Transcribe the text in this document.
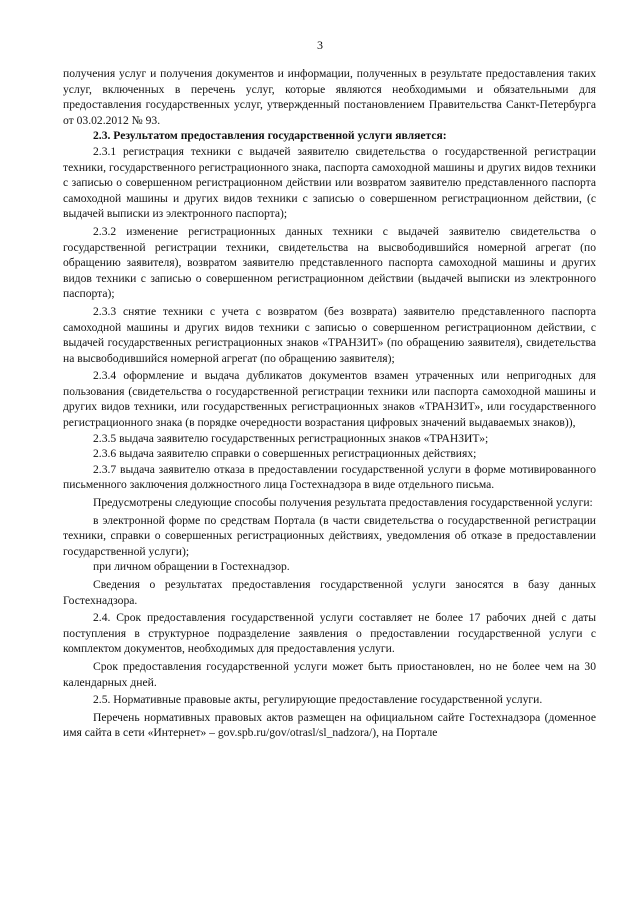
3

получения услуг и получения документов и информации, полученных в результате предоставления таких услуг, включенных в перечень услуг, которые являются необходимыми и обязательными для предоставления государственных услуг, утвержденный постановлением Правительства Санкт-Петербурга от 03.02.2012 № 93.

2.3. Результатом предоставления государственной услуги является:

2.3.1 регистрация техники с выдачей заявителю свидетельства о государственной регистрации техники, государственного регистрационного знака, паспорта самоходной машины и других видов техники с записью о совершенном регистрационном действии или возвратом заявителю представленного паспорта самоходной машины и других видов техники с записью о совершенном регистрационном действии, (с выдачей выписки из электронного паспорта);

2.3.2 изменение регистрационных данных техники с выдачей заявителю свидетельства о государственной регистрации техники, свидетельства на высвободившийся номерной агрегат (по обращению заявителя), возвратом заявителю представленного паспорта самоходной машины и других видов техники с записью о совершенном регистрационном действии (выдачей выписки из электронного паспорта);

2.3.3 снятие техники с учета с возвратом (без возврата) заявителю представленного паспорта самоходной машины и других видов техники с записью о совершенном регистрационном действии, с выдачей государственных регистрационных знаков «ТРАНЗИТ» (по обращению заявителя), свидетельства на высвободившийся номерной агрегат (по обращению заявителя);

2.3.4 оформление и выдача дубликатов документов взамен утраченных или непригодных для пользования (свидетельства о государственной регистрации техники или паспорта самоходной машины и других видов техники, или государственных регистрационных знаков «ТРАНЗИТ», или государственного регистрационного знака (в порядке очередности возрастания цифровых значений выдаваемых знаков)),

2.3.5 выдача заявителю государственных регистрационных знаков «ТРАНЗИТ»;

2.3.6 выдача заявителю справки о совершенных регистрационных действиях;

2.3.7 выдача заявителю отказа в предоставлении государственной услуги в форме мотивированного письменного заключения должностного лица Гостехнадзора в виде отдельного письма.

Предусмотрены следующие способы получения результата предоставления государственной услуги:

в электронной форме по средствам Портала (в части свидетельства о государственной регистрации техники, справки о совершенных регистрационных действиях, уведомления об отказе в предоставлении государственной услуги);

при личном обращении в Гостехнадзор.

Сведения о результатах предоставления государственной услуги заносятся в базу данных Гостехнадзора.

2.4. Срок предоставления государственной услуги составляет не более 17 рабочих дней с даты поступления в структурное подразделение заявления о предоставлении государственной услуги с комплектом документов, необходимых для предоставления услуги.

Срок предоставления государственной услуги может быть приостановлен, но не более чем на 30 календарных дней.

2.5. Нормативные правовые акты, регулирующие предоставление государственной услуги.

Перечень нормативных правовых актов размещен на официальном сайте Гостехнадзора (доменное имя сайта в сети «Интернет» – gov.spb.ru/gov/otrasl/sl_nadzora/), на Портале
